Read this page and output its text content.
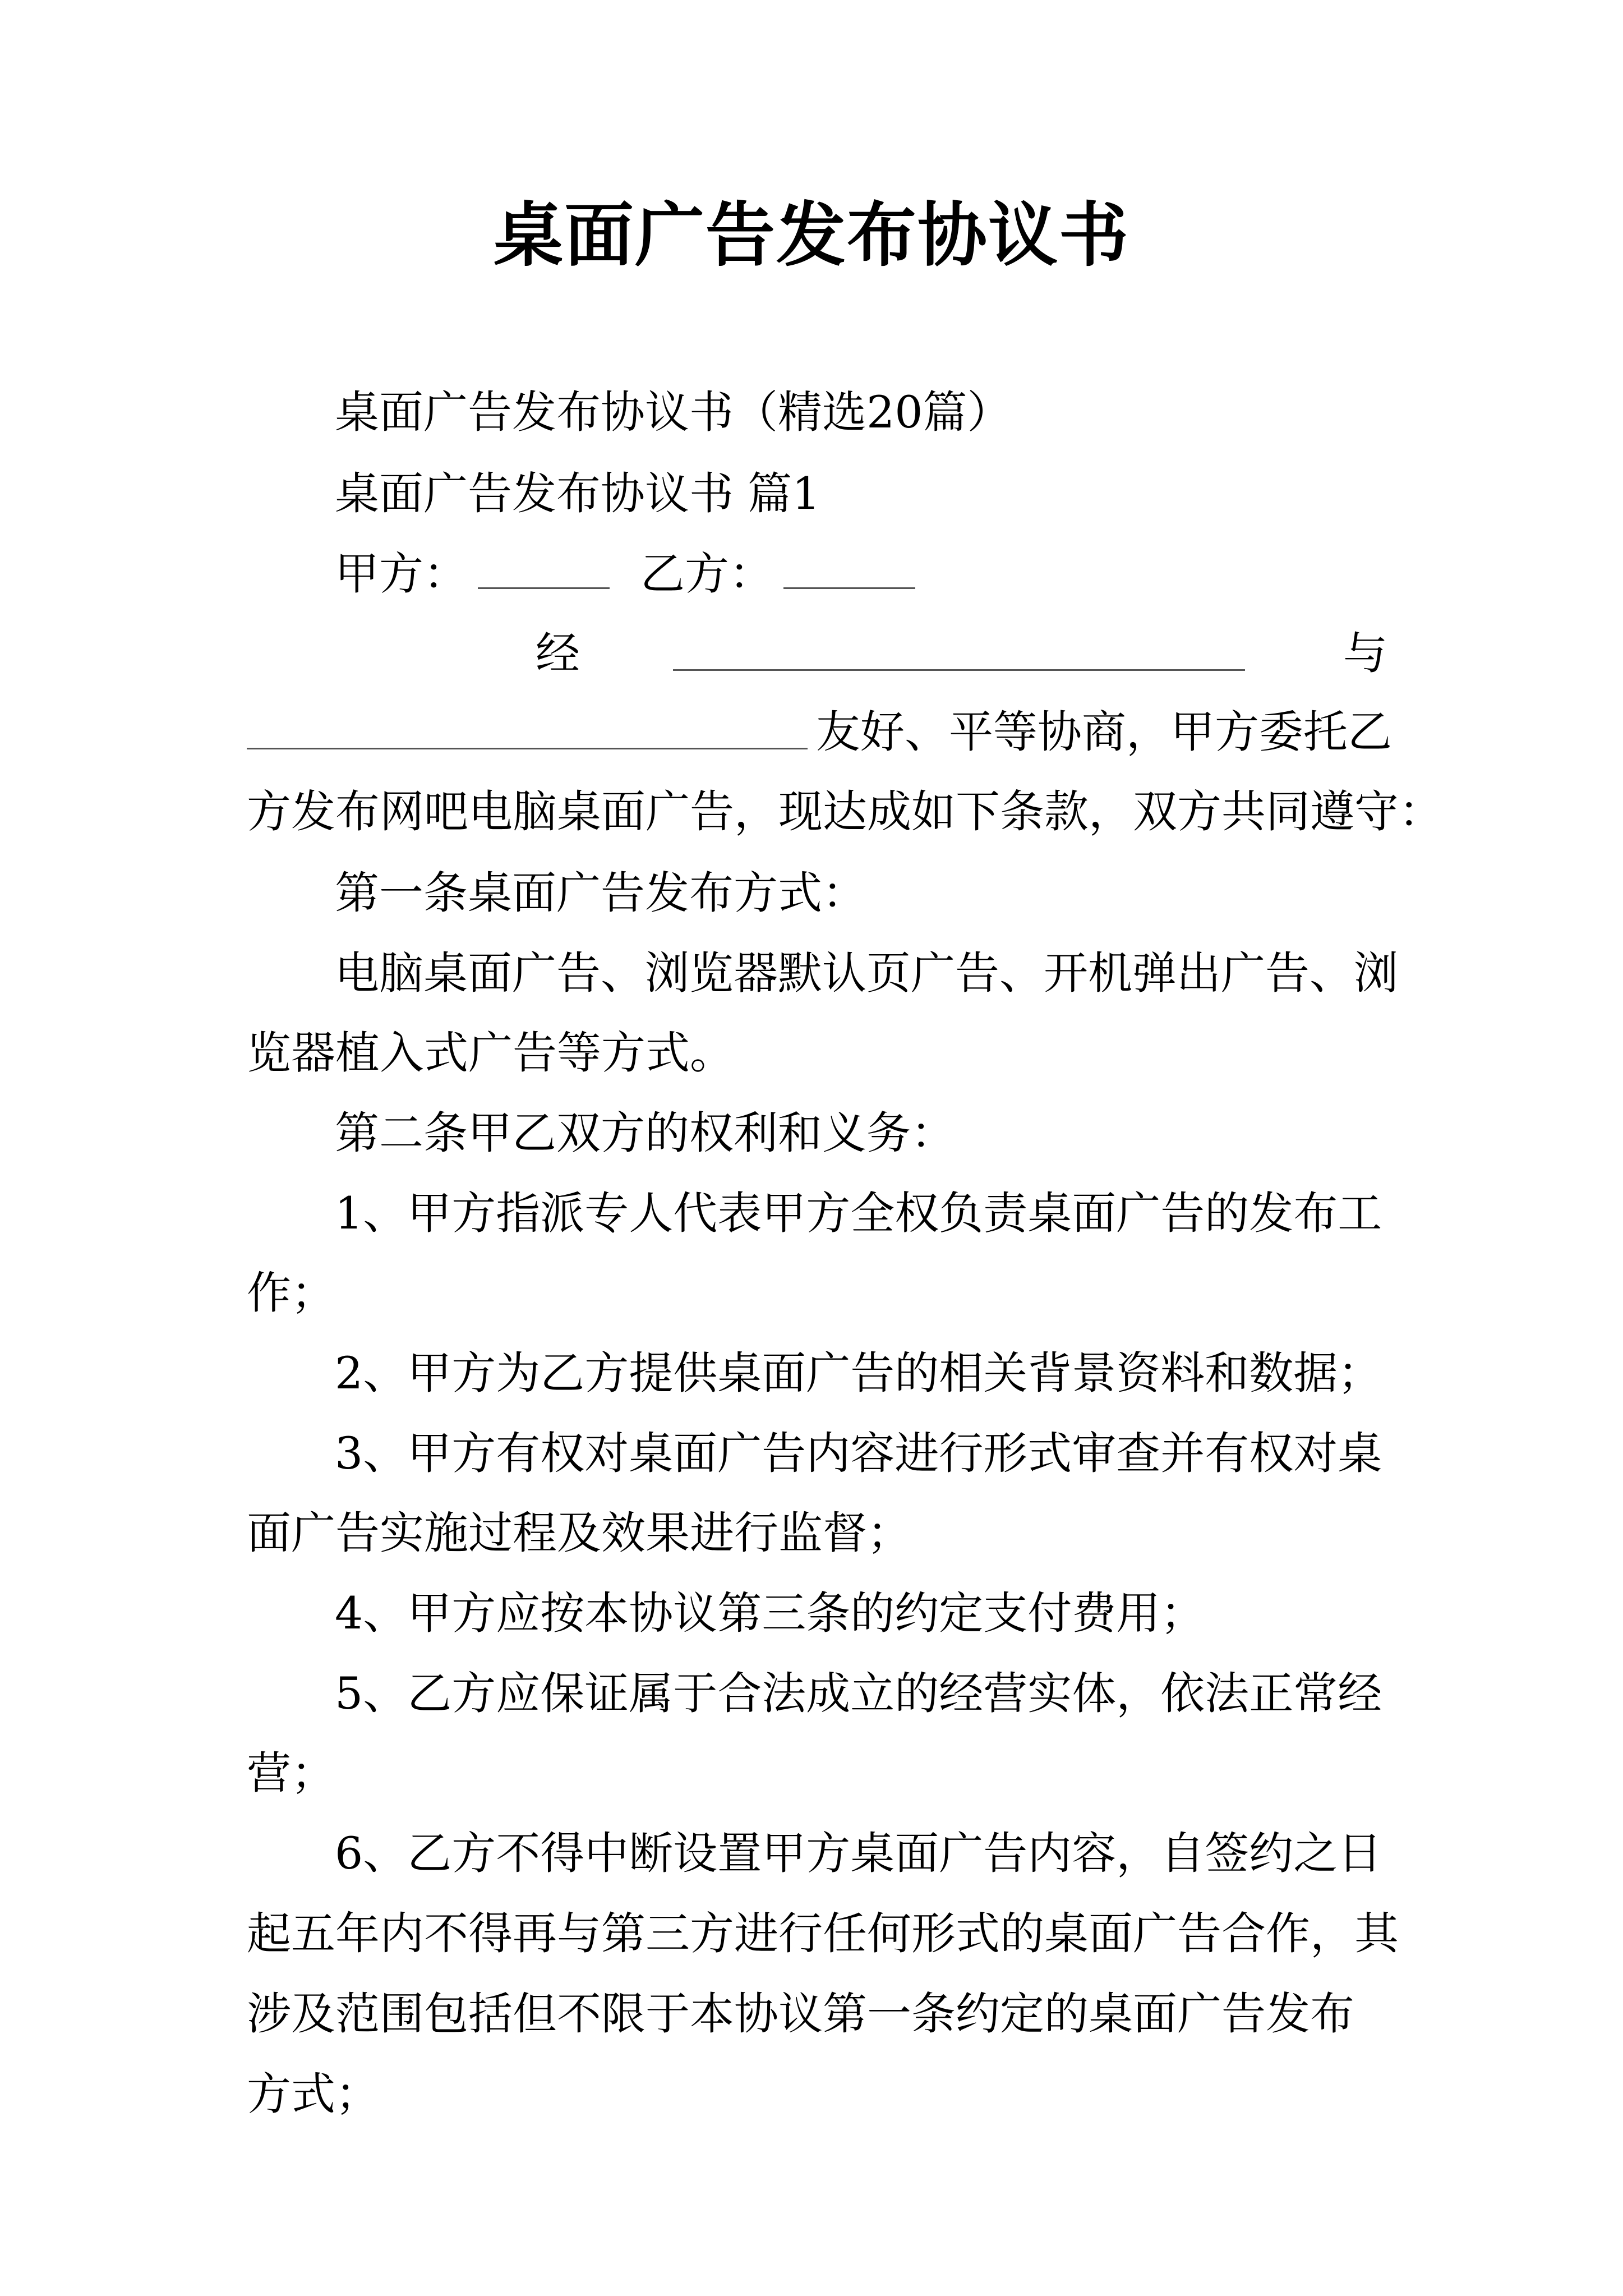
桌面广告发布协议书
桌面广告发布协议书（精选20篇）
桌面广告发布协议书 篇1
甲方：	乙方：
经	与
友好、平等协商，甲方委托乙
方发布网吧电脑桌面广告，现达成如下条款，双方共同遵守：
第一条桌面广告发布方式：
电脑桌面广告、浏览器默认页广告、开机弹出广告、浏
览器植入式广告等方式。
第二条甲乙双方的权利和义务：
1、甲方指派专人代表甲方全权负责桌面广告的发布工
作；
2、甲方为乙方提供桌面广告的相关背景资料和数据；
3、甲方有权对桌面广告内容进行形式审查并有权对桌
面广告实施过程及效果进行监督；
4、甲方应按本协议第三条的约定支付费用；
5、乙方应保证属于合法成立的经营实体，依法正常经
营；
6、乙方不得中断设置甲方桌面广告内容，自签约之日
起五年内不得再与第三方进行任何形式的桌面广告合作，其
涉及范围包括但不限于本协议第一条约定的桌面广告发布
方式；
